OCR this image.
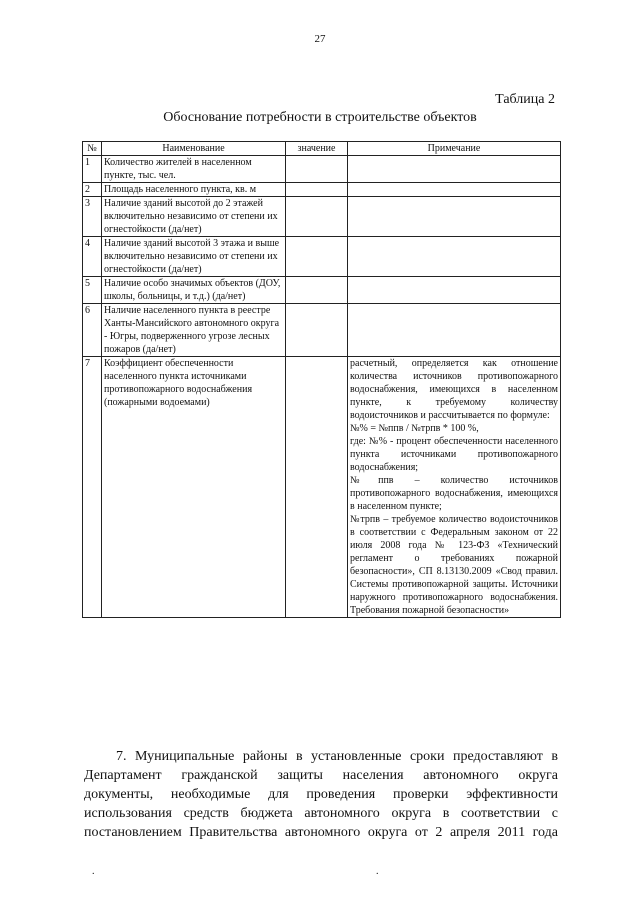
27
Таблица 2
Обоснование потребности в строительстве объектов
№	Наименование	значение	Примечание
1	Количество жителей в населенном пункте, тыс. чел.		
2	Площадь населенного пункта, кв. м		
3	Наличие зданий высотой до 2 этажей включительно независимо от степени их огнестойкости (да/нет)		
4	Наличие зданий высотой 3 этажа и выше включительно независимо от степени их огнестойкости (да/нет)		
5	Наличие особо значимых объектов (ДОУ, школы, больницы, и т.д.) (да/нет)		
6	Наличие населенного пункта в реестре Ханты-Мансийского автономного округа - Югры, подверженного угрозе лесных пожаров (да/нет)		
7	Коэффициент обеспеченности населенного пункта источниками противопожарного водоснабжения (пожарными водоемами)		расчетный, определяется как отношение количества источников противопожарного водоснабжения, имеющихся в населенном пункте, к требуемому количеству водоисточников и рассчитывается по формуле:

№% = №ппв / №трпв * 100 %,

где: №% - процент обеспеченности населенного пункта источниками противопожарного водоснабжения;

№ппв – количество источников противопожарного водоснабжения, имеющихся в населенном пункте;

№трпв – требуемое количество водоисточников в соответствии с Федеральным законом от 22 июля 2008 года № 123-ФЗ «Технический регламент о требованиях пожарной безопасности», СП 8.13130.2009 «Свод правил. Системы противопожарной защиты. Источники наружного противопожарного водоснабжения. Требования пожарной безопасности»

7. Муниципальные районы в установленные сроки предоставляют в
Департамент гражданской защиты населения автономного округа
документы, необходимые для проведения проверки эффективности
использования средств бюджета автономного округа в соответствии с
постановлением Правительства автономного округа от 2 апреля 2011 года
.	.
